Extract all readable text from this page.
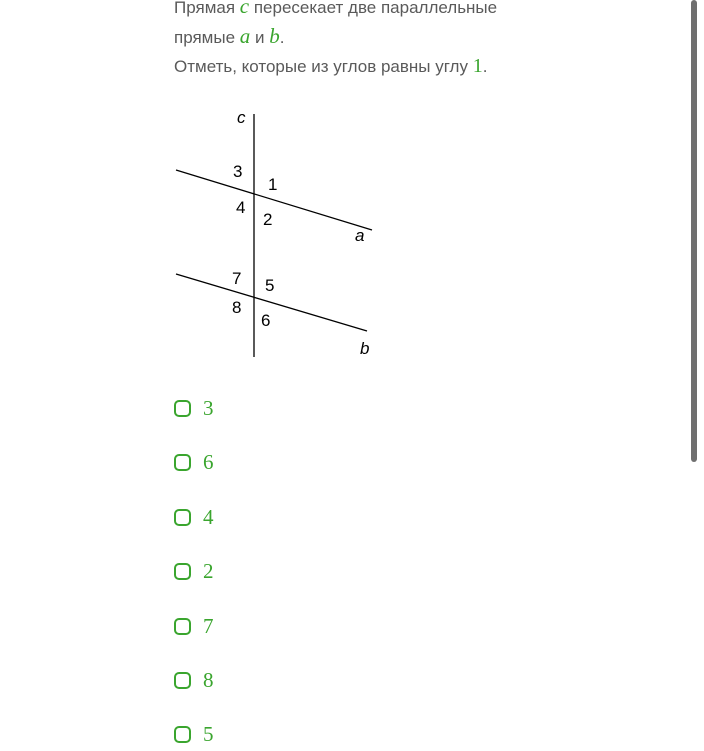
Прямая c пересекает две параллельные
прямые a и b.
Отметь, которые из углов равны углу 1.
c
a
b
3
1
4
2
7 5
8
6
3
6
4
2
7
8
5
